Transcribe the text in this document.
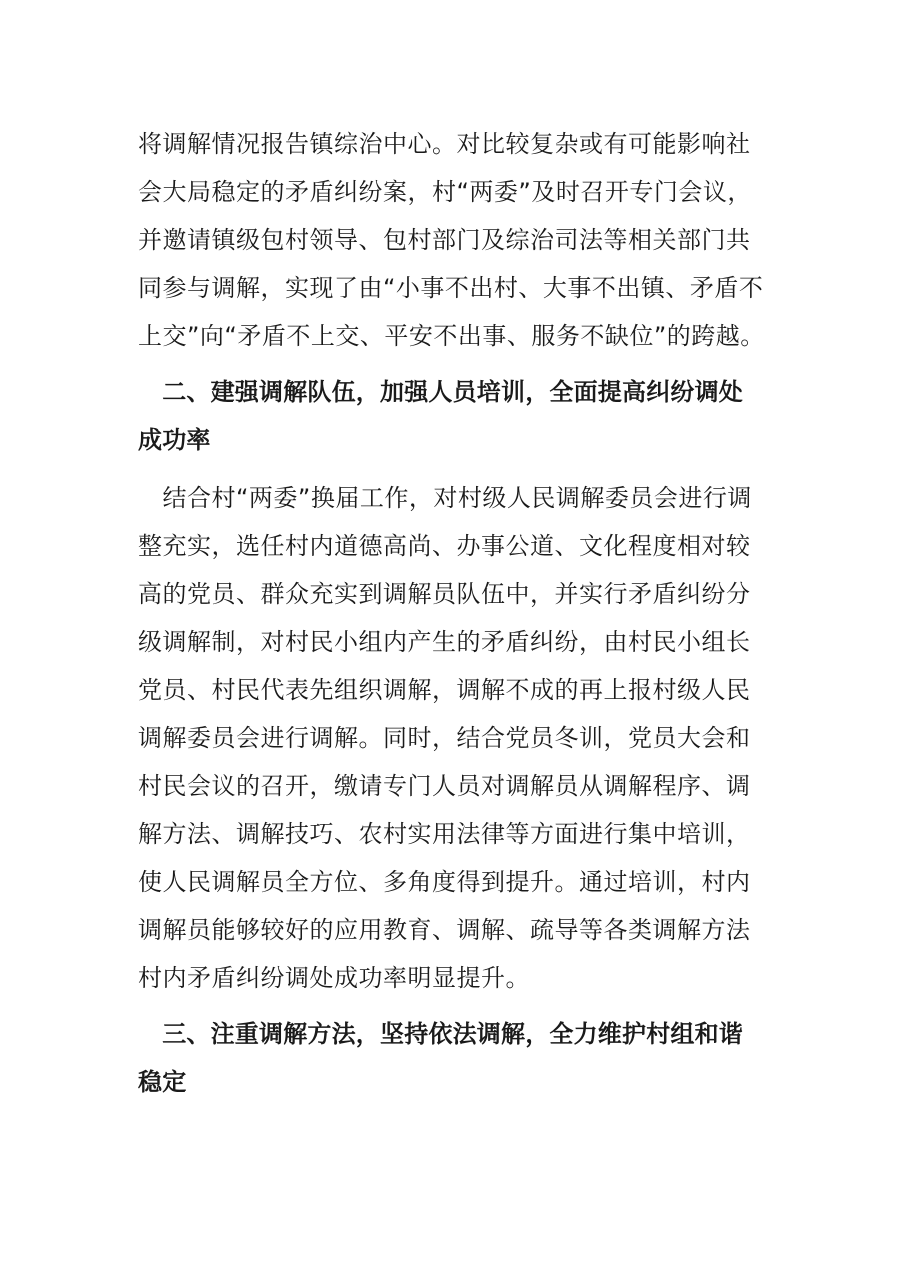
将调解情况报告镇综治中心。对比较复杂或有可能影响社
会大局稳定的矛盾纠纷案，村“两委”及时召开专门会议，
并邀请镇级包村领导、包村部门及综治司法等相关部门共
同参与调解，实现了由“小事不出村、大事不出镇、矛盾不
上交”向“矛盾不上交、平安不出事、服务不缺位”的跨越。
　二、建强调解队伍，加强人员培训，全面提高纠纷调处
成功率
　结合村“两委”换届工作，对村级人民调解委员会进行调
整充实，选任村内道德高尚、办事公道、文化程度相对较
高的党员、群众充实到调解员队伍中，并实行矛盾纠纷分
级调解制，对村民小组内产生的矛盾纠纷，由村民小组长
党员、村民代表先组织调解，调解不成的再上报村级人民
调解委员会进行调解。同时，结合党员冬训，党员大会和
村民会议的召开，缴请专门人员对调解员从调解程序、调
解方法、调解技巧、农村实用法律等方面进行集中培训，
使人民调解员全方位、多角度得到提升。通过培训，村内
调解员能够较好的应用教育、调解、疏导等各类调解方法
村内矛盾纠纷调处成功率明显提升。
　三、注重调解方法，坚持依法调解，全力维护村组和谐
稳定
